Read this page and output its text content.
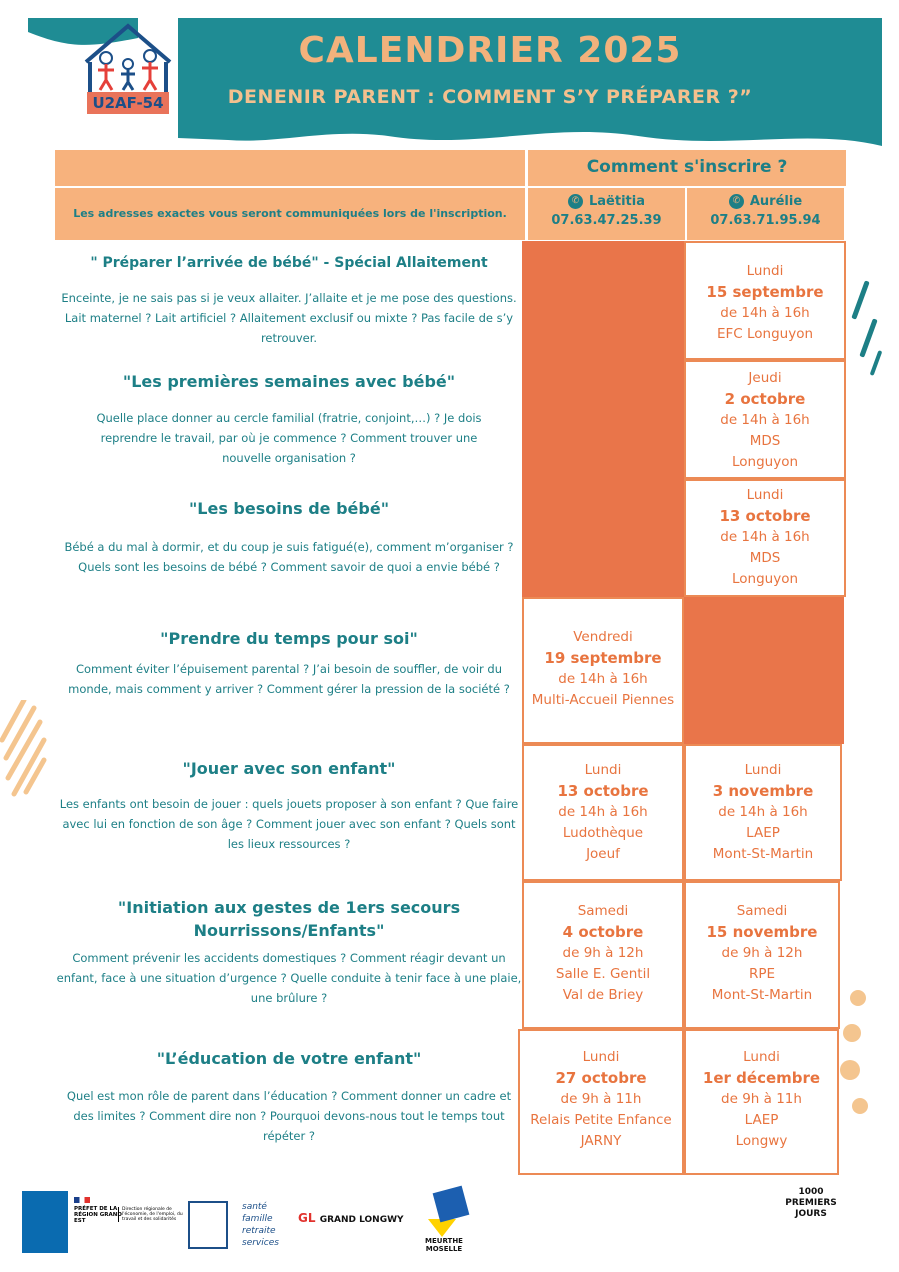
U2AF-54
CALENDRIER 2025
DENENIR PARENT : COMMENT S’Y PRÉPARER ?”
Comment s'inscrire ?
Les adresses exactes vous seront communiquées lors de l'inscription.
✆ Laëtitia
07.63.47.25.39
✆ Aurélie
07.63.71.95.94
" Préparer l’arrivée de bébé" - Spécial Allaitement
Enceinte, je ne sais pas si je veux allaiter. J’allaite et je me pose des questions. Lait maternel ? Lait artificiel ? Allaitement exclusif ou mixte ? Pas facile de s’y retrouver.
"Les premières semaines avec bébé"
Quelle place donner au cercle familial (fratrie, conjoint,…) ? Je dois reprendre le travail, par où je commence ? Comment trouver une nouvelle organisation ?
"Les besoins de bébé"
Bébé a du mal à dormir, et du coup je suis fatigué(e), comment m’organiser ? Quels sont les besoins de bébé ? Comment savoir de quoi a envie bébé ?
"Prendre du temps pour soi"
Comment éviter l’épuisement parental ? J’ai besoin de souffler, de voir du monde, mais comment y arriver ? Comment gérer la pression de la société ?
"Jouer avec son enfant"
Les enfants ont besoin de jouer : quels jouets proposer à son enfant ? Que faire avec lui en fonction de son âge ? Comment jouer avec son enfant ? Quels sont les lieux ressources ?
"Initiation aux gestes de 1ers secours Nourrissons/Enfants"
Comment prévenir les accidents domestiques ? Comment réagir devant un enfant, face à une situation d’urgence ? Quelle conduite à tenir face à une plaie, une brûlure ?
"L’éducation de votre enfant"
Quel est mon rôle de parent dans l’éducation ? Comment donner un cadre et des limites ? Comment dire non ? Pourquoi devons-nous tout le temps tout répéter ?
Lundi
15 septembre
de 14h à 16h
EFC Longuyon
Jeudi
2 octobre
de 14h à 16h
MDS
Longuyon
Lundi
13 octobre
de 14h à 16h
MDS
Longuyon
Vendredi
19 septembre
de 14h à 16h
Multi-Accueil Piennes
Lundi
13 octobre
de 14h à 16h
Ludothèque
Joeuf
Lundi
3 novembre
de 14h à 16h
LAEP
Mont-St-Martin
Samedi
4 octobre
de 9h à 12h
Salle E. Gentil
Val de Briey
Samedi
15 novembre
de 9h à 12h
RPE
Mont-St-Martin
Lundi
27 octobre
de 9h à 11h
Relais Petite Enfance
JARNY
Lundi
1er décembre
de 9h à 11h
LAEP
Longwy
PRÉFET DE LA RÉGION GRAND EST
Direction régionale de l'économie, de l'emploi, du travail et des solidarités
santé
famille
retraite
services
GL GRAND LONGWY
MEURTHE MOSELLE
1000 PREMIERS JOURS
